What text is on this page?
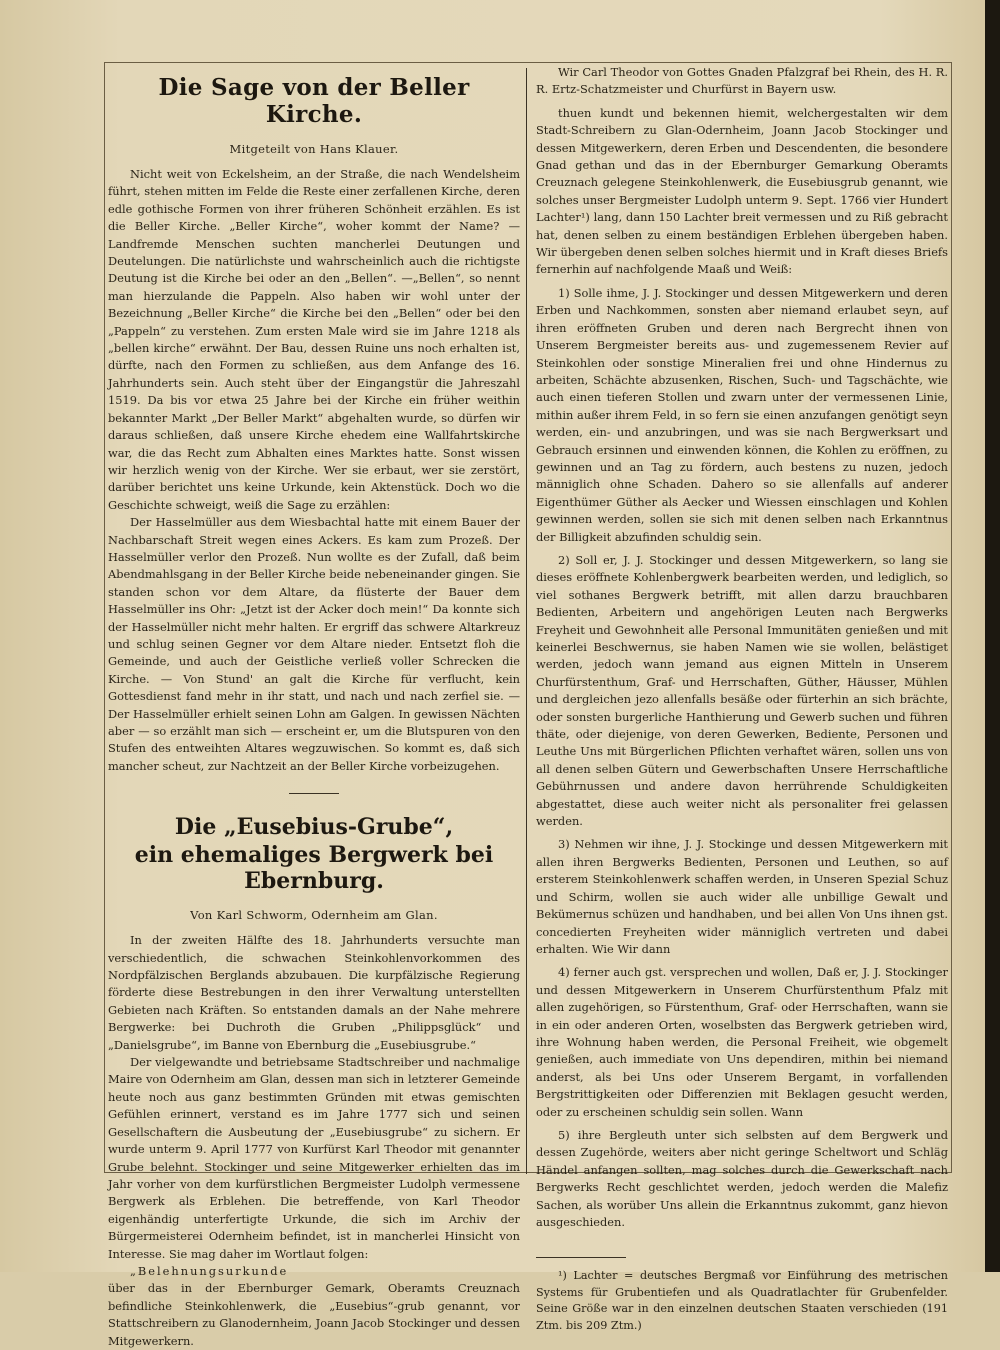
Die Sage von der Beller Kirche.
Mitgeteilt von Hans Klauer.

Nicht weit von Eckelsheim, an der Straße, die nach Wendelsheim führt, stehen mitten im Felde die Reste einer zerfallenen Kirche, deren edle gothische Formen von ihrer früheren Schönheit erzählen. Es ist die Beller Kirche. „Beller Kirche“, woher kommt der Name? — Landfremde Menschen suchten mancherlei Deutungen und Deutelungen. Die natürlichste und wahrscheinlich auch die richtigste Deutung ist die Kirche bei oder an den „Bellen“. —„Bellen“, so nennt man hierzulande die Pappeln. Also haben wir wohl unter der Bezeichnung „Beller Kirche“ die Kirche bei den „Bellen“ oder bei den „Pappeln“ zu verstehen. Zum ersten Male wird sie im Jahre 1218 als „bellen kirche“ erwähnt. Der Bau, dessen Ruine uns noch erhalten ist, dürfte, nach den Formen zu schließen, aus dem Anfange des 16. Jahrhunderts sein. Auch steht über der Eingangstür die Jahreszahl 1519. Da bis vor etwa 25 Jahre bei der Kirche ein früher weithin bekannter Markt „Der Beller Markt“ abgehalten wurde, so dürfen wir daraus schließen, daß unsere Kirche ehedem eine Wallfahrtskirche war, die das Recht zum Abhalten eines Marktes hatte. Sonst wissen wir herzlich wenig von der Kirche. Wer sie erbaut, wer sie zerstört, darüber berichtet uns keine Urkunde, kein Aktenstück. Doch wo die Geschichte schweigt, weiß die Sage zu erzählen:

Der Hasselmüller aus dem Wiesbachtal hatte mit einem Bauer der Nachbarschaft Streit wegen eines Ackers. Es kam zum Prozeß. Der Hasselmüller verlor den Prozeß. Nun wollte es der Zufall, daß beim Abendmahlsgang in der Beller Kirche beide nebeneinander gingen. Sie standen schon vor dem Altare, da flüsterte der Bauer dem Hasselmüller ins Ohr: „Jetzt ist der Acker doch mein!“ Da konnte sich der Hasselmüller nicht mehr halten. Er ergriff das schwere Altarkreuz und schlug seinen Gegner vor dem Altare nieder. Entsetzt floh die Gemeinde, und auch der Geistliche verließ voller Schrecken die Kirche. — Von Stund' an galt die Kirche für verflucht, kein Gottesdienst fand mehr in ihr statt, und nach und nach zerfiel sie. — Der Hasselmüller erhielt seinen Lohn am Galgen. In gewissen Nächten aber — so erzählt man sich — erscheint er, um die Blutspuren von den Stufen des entweihten Altares wegzuwischen. So kommt es, daß sich mancher scheut, zur Nachtzeit an der Beller Kirche vorbeizugehen.

Die „Eusebius-Grube“,
ein ehemaliges Bergwerk bei Ebernburg.
Von Karl Schworm, Odernheim am Glan.

In der zweiten Hälfte des 18. Jahrhunderts versuchte man verschiedentlich, die schwachen Steinkohlenvorkommen des Nordpfälzischen Berglands abzubauen. Die kurpfälzische Regierung förderte diese Bestrebungen in den ihrer Verwaltung unterstellten Gebieten nach Kräften. So entstanden damals an der Nahe mehrere Bergwerke: bei Duchroth die Gruben „Philippsglück“ und „Danielsgrube“, im Banne von Ebernburg die „Eusebiusgrube.“

Der vielgewandte und betriebsame Stadtschreiber und nachmalige Maire von Odernheim am Glan, dessen man sich in letzterer Gemeinde heute noch aus ganz bestimmten Gründen mit etwas gemischten Gefühlen erinnert, verstand es im Jahre 1777 sich und seinen Gesellschaftern die Ausbeutung der „Eusebiusgrube“ zu sichern. Er wurde unterm 9. April 1777 von Kurfürst Karl Theodor mit genannter Grube belehnt. Stockinger und seine Mitgewerker erhielten das im Jahr vorher von dem kurfürstlichen Bergmeister Ludolph vermessene Bergwerk als Erblehen. Die betreffende, von Karl Theodor eigenhändig unterfertigte Urkunde, die sich im Archiv der Bürgermeisterei Odernheim befindet, ist in mancherlei Hinsicht von Interesse. Sie mag daher im Wortlaut folgen:

„Belehnungsurkunde

über das in der Ebernburger Gemark, Oberamts Creuznach befindliche Steinkohlenwerk, die „Eusebius“-grub genannt, vor Stattschreibern zu Glanodernheim, Joann Jacob Stockinger und dessen Mitgewerkern.

Wir Carl Theodor von Gottes Gnaden Pfalzgraf bei Rhein, des H. R. R. Ertz-Schatzmeister und Churfürst in Bayern usw.

thuen kundt und bekennen hiemit, welchergestalten wir dem Stadt-Schreibern zu Glan-Odernheim, Joann Jacob Stockinger und dessen Mitgewerkern, deren Erben und Descendenten, die besondere Gnad gethan und das in der Ebernburger Gemarkung Oberamts Creuznach gelegene Steinkohlenwerk, die Eusebiusgrub genannt, wie solches unser Bergmeister Ludolph unterm 9. Sept. 1766 vier Hundert Lachter¹) lang, dann 150 Lachter breit vermessen und zu Riß gebracht hat, denen selben zu einem beständigen Erblehen übergeben haben. Wir übergeben denen selben solches hiermit und in Kraft dieses Briefs fernerhin auf nachfolgende Maaß und Weiß:

1) Solle ihme, J. J. Stockinger und dessen Mitgewerkern und deren Erben und Nachkommen, sonsten aber niemand erlaubet seyn, auf ihren eröffneten Gruben und deren nach Bergrecht ihnen von Unserem Bergmeister bereits aus- und zugemessenem Revier auf Steinkohlen oder sonstige Mineralien frei und ohne Hindernus zu arbeiten, Schächte abzusenken, Rischen, Such- und Tagschächte, wie auch einen tieferen Stollen und zwarn unter der vermessenen Linie, mithin außer ihrem Feld, in so fern sie einen anzufangen genötigt seyn werden, ein- und anzubringen, und was sie nach Bergwerksart und Gebrauch ersinnen und einwenden können, die Kohlen zu eröffnen, zu gewinnen und an Tag zu fördern, auch bestens zu nuzen, jedoch männiglich ohne Schaden. Dahero so sie allenfalls auf anderer Eigenthümer Güther als Aecker und Wiessen einschlagen und Kohlen gewinnen werden, sollen sie sich mit denen selben nach Erkanntnus der Billigkeit abzufinden schuldig sein.

2) Soll er, J. J. Stockinger und dessen Mitgewerkern, so lang sie dieses eröffnete Kohlenbergwerk bearbeiten werden, und lediglich, so viel sothanes Bergwerk betrifft, mit allen darzu brauchbaren Bedienten, Arbeitern und angehörigen Leuten nach Bergwerks Freyheit und Gewohnheit alle Personal Immunitäten genießen und mit keinerlei Beschwernus, sie haben Namen wie sie wollen, belästiget werden, jedoch wann jemand aus eignen Mitteln in Unserem Churfürstenthum, Graf- und Herrschaften, Güther, Häusser, Mühlen und dergleichen jezo allenfalls besäße oder fürterhin an sich brächte, oder sonsten burgerliche Hanthierung und Gewerb suchen und führen thäte, oder diejenige, von deren Gewerken, Bediente, Personen und Leuthe Uns mit Bürgerlichen Pflichten verhaftet wären, sollen uns von all denen selben Gütern und Gewerbschaften Unsere Herrschaftliche Gebührnussen und andere davon herrührende Schuldigkeiten abgestattet, diese auch weiter nicht als personaliter frei gelassen werden.

3) Nehmen wir ihne, J. J. Stockinge und dessen Mitgewerkern mit allen ihren Bergwerks Bedienten, Personen und Leuthen, so auf ersterem Steinkohlenwerk schaffen werden, in Unseren Spezial Schuz und Schirm, wollen sie auch wider alle unbillige Gewalt und Bekümernus schüzen und handhaben, und bei allen Von Uns ihnen gst. concedierten Freyheiten wider männiglich vertreten und dabei erhalten. Wie Wir dann

4) ferner auch gst. versprechen und wollen, Daß er, J. J. Stockinger und dessen Mitgewerkern in Unserem Churfürstenthum Pfalz mit allen zugehörigen, so Fürstenthum, Graf- oder Herrschaften, wann sie in ein oder anderen Orten, woselbsten das Bergwerk getrieben wird, ihre Wohnung haben werden, die Personal Freiheit, wie obgemelt genießen, auch immediate von Uns dependiren, mithin bei niemand anderst, als bei Uns oder Unserem Bergamt, in vorfallenden Bergstrittigkeiten oder Differenzien mit Beklagen gesucht werden, oder zu erscheinen schuldig sein sollen. Wann

5) ihre Bergleuth unter sich selbsten auf dem Bergwerk und dessen Zugehörde, weiters aber nicht geringe Scheltwort und Schläg Händel anfangen sollten, mag solches durch die Gewerkschaft nach Bergwerks Recht geschlichtet werden, jedoch werden die Malefiz Sachen, als worüber Uns allein die Erkanntnus zukommt, ganz hievon ausgeschieden.

¹) Lachter = deutsches Bergmaß vor Einführung des metrischen Systems für Grubentiefen und als Quadratlachter für Grubenfelder. Seine Größe war in den einzelnen deutschen Staaten verschieden (191 Ztm. bis 209 Ztm.)
